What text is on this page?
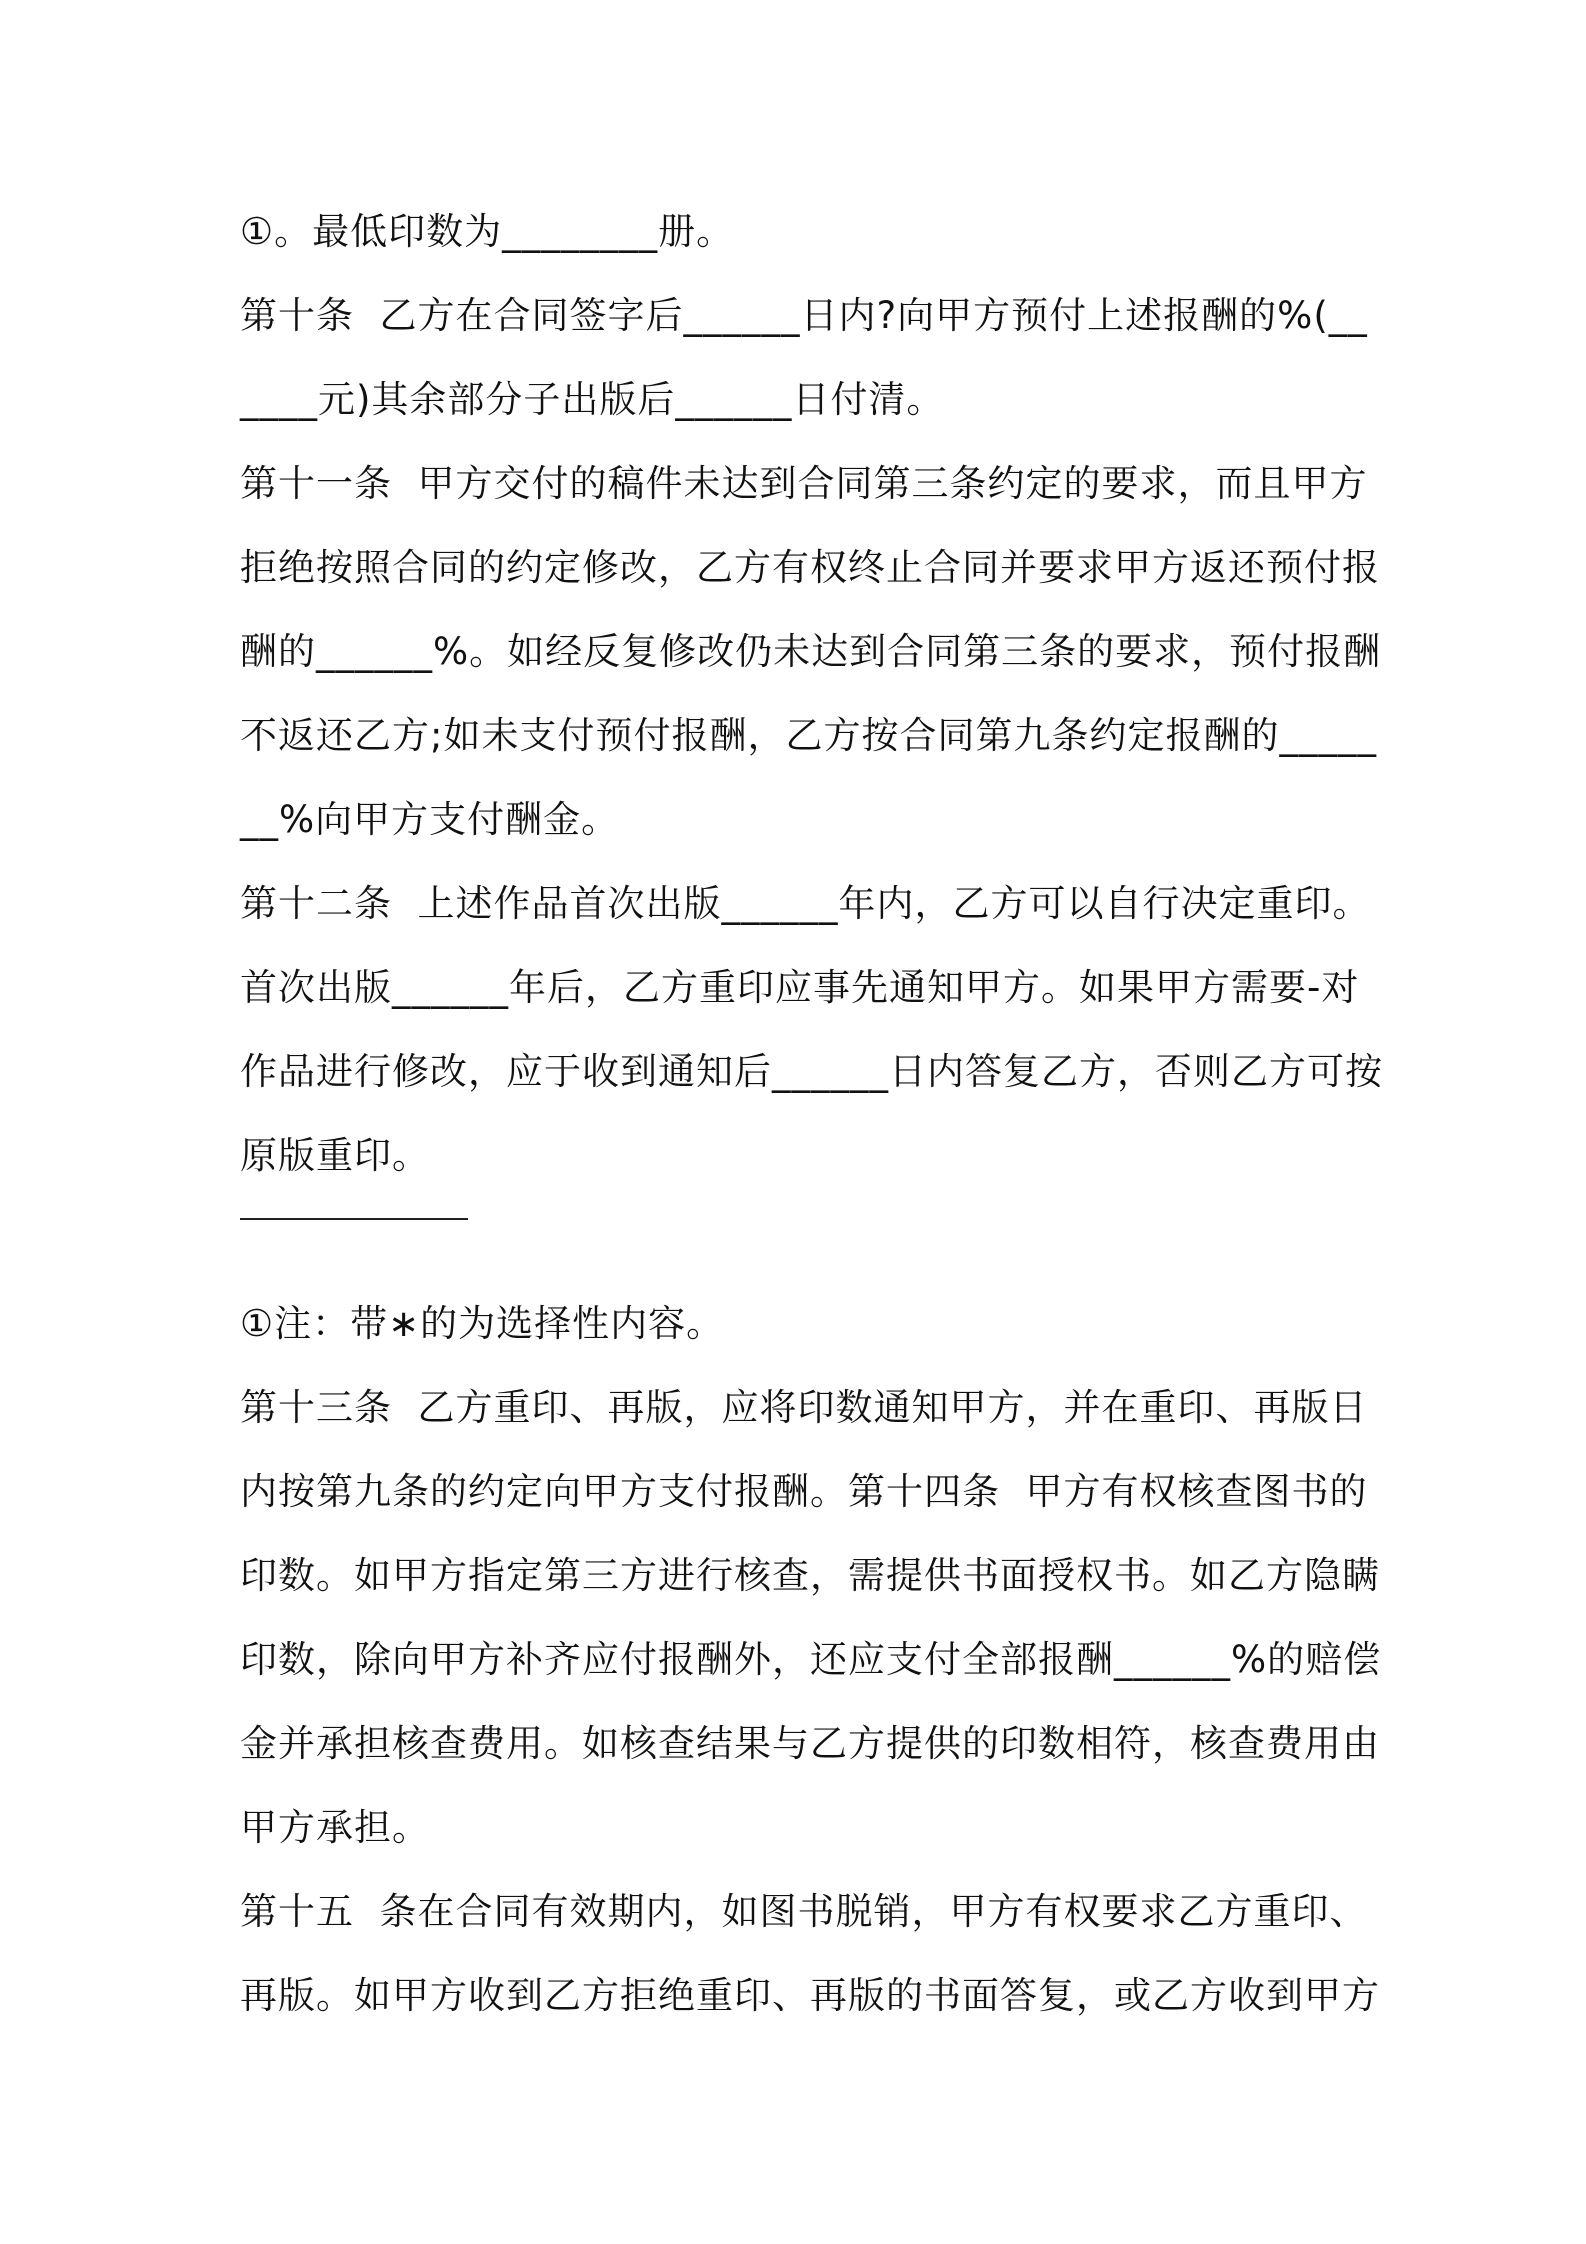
①。最低印数为________册。
第十条  乙方在合同签字后______日内?向甲方预付上述报酬的%(__
____元)其余部分子出版后______日付清。
第十一条  甲方交付的稿件未达到合同第三条约定的要求，而且甲方
拒绝按照合同的约定修改，乙方有权终止合同并要求甲方返还预付报
酬的______%。如经反复修改仍未达到合同第三条的要求，预付报酬
不返还乙方;如未支付预付报酬，乙方按合同第九条约定报酬的_____
__%向甲方支付酬金。
第十二条  上述作品首次出版______年内，乙方可以自行决定重印。
首次出版______年后，乙方重印应事先通知甲方。如果甲方需要-对
作品进行修改，应于收到通知后______日内答复乙方，否则乙方可按
原版重印。
①注：带∗的为选择性内容。
第十三条  乙方重印、再版，应将印数通知甲方，并在重印、再版日
内按第九条的约定向甲方支付报酬。第十四条  甲方有权核查图书的
印数。如甲方指定第三方进行核查，需提供书面授权书。如乙方隐瞒
印数，除向甲方补齐应付报酬外，还应支付全部报酬______%的赔偿
金并承担核查费用。如核查结果与乙方提供的印数相符，核查费用由
甲方承担。
第十五  条在合同有效期内，如图书脱销，甲方有权要求乙方重印、
再版。如甲方收到乙方拒绝重印、再版的书面答复，或乙方收到甲方
